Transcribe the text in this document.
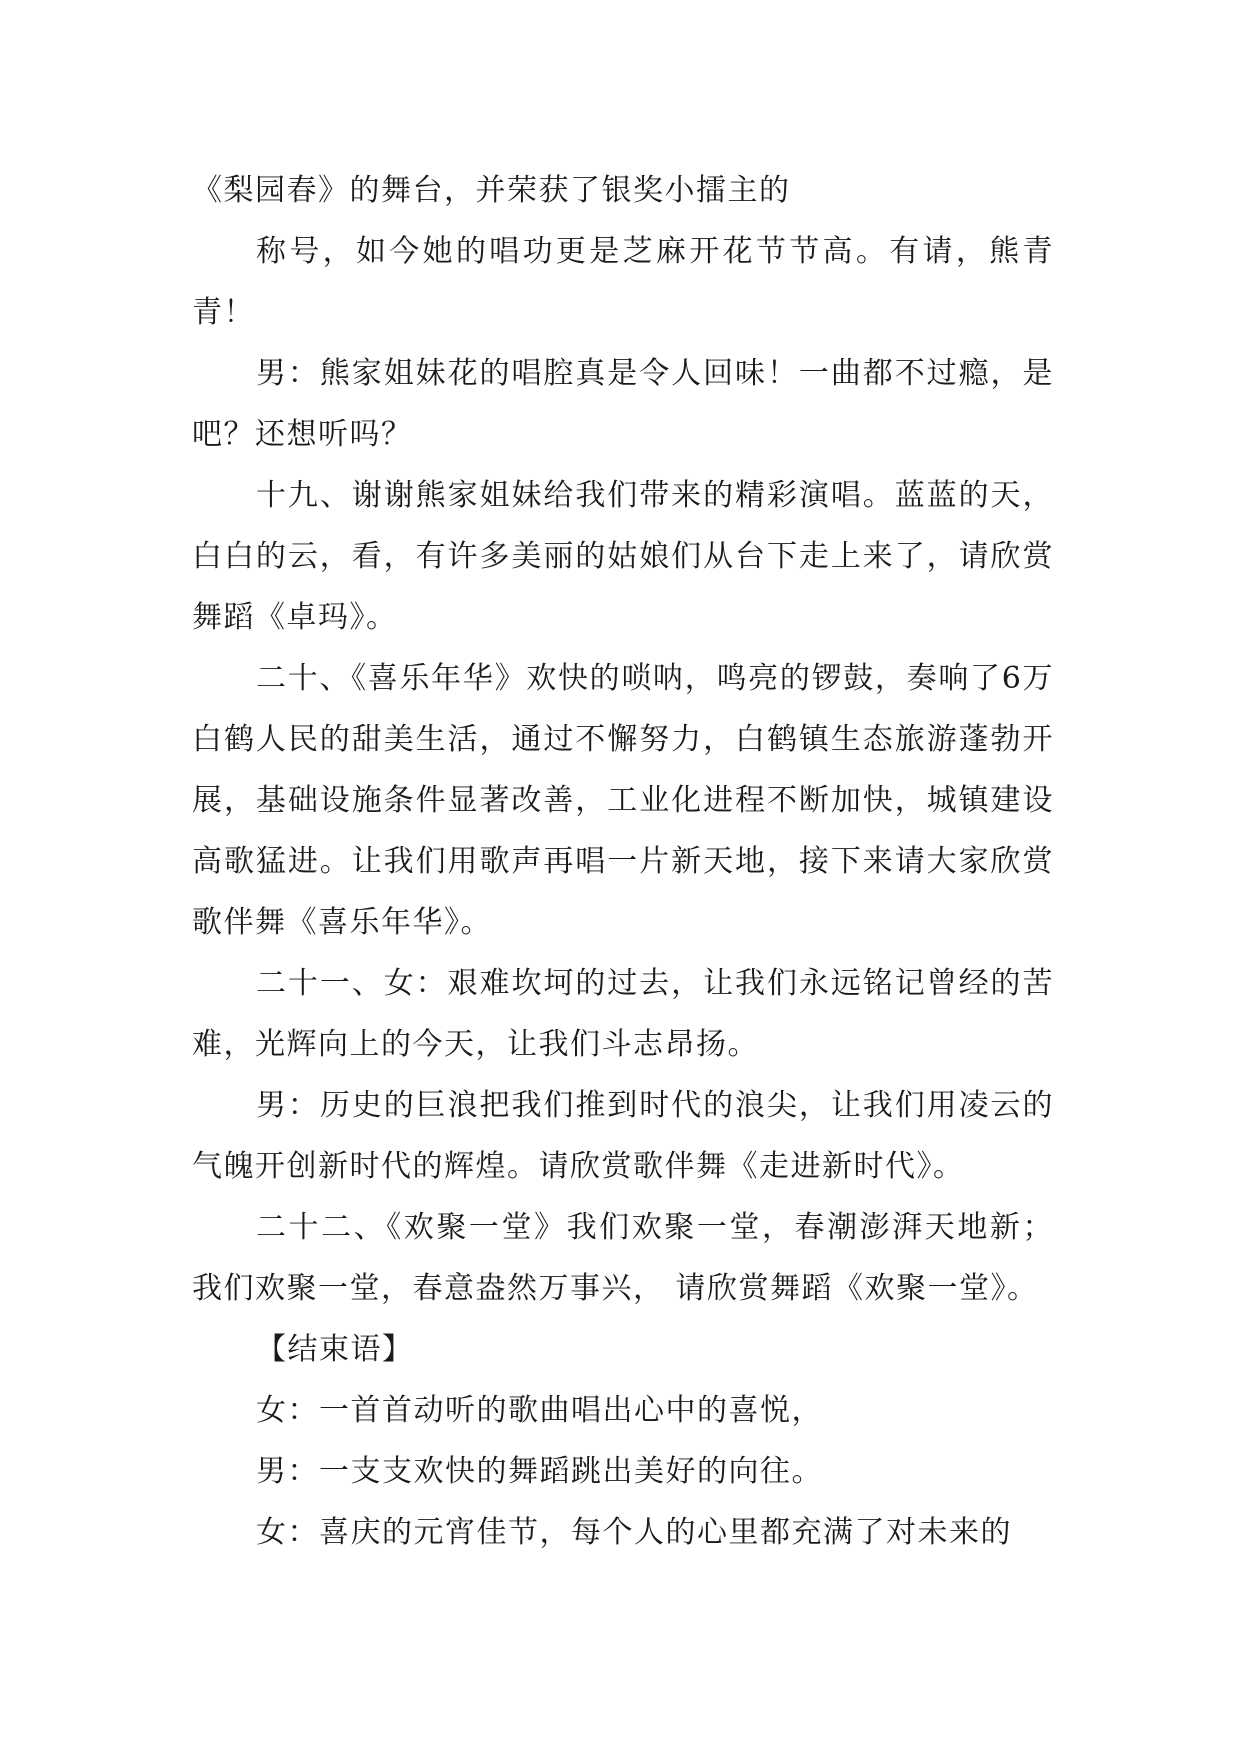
《梨园春》的舞台，并荣获了银奖小擂主的

称号，如今她的唱功更是芝麻开花节节高。有请，熊青青！

男：熊家姐妹花的唱腔真是令人回味！一曲都不过瘾，是吧？还想听吗？

十九、谢谢熊家姐妹给我们带来的精彩演唱。蓝蓝的天，白白的云，看，有许多美丽的姑娘们从台下走上来了，请欣赏舞蹈《卓玛》。

二十、《喜乐年华》欢快的唢呐，鸣亮的锣鼓，奏响了6万白鹤人民的甜美生活，通过不懈努力，白鹤镇生态旅游蓬勃开展，基础设施条件显著改善，工业化进程不断加快，城镇建设高歌猛进。让我们用歌声再唱一片新天地，接下来请大家欣赏歌伴舞《喜乐年华》。

二十一、女：艰难坎坷的过去，让我们永远铭记曾经的苦难，光辉向上的今天，让我们斗志昂扬。

男：历史的巨浪把我们推到时代的浪尖，让我们用凌云的气魄开创新时代的辉煌。请欣赏歌伴舞《走进新时代》。

二十二、《欢聚一堂》我们欢聚一堂，春潮澎湃天地新；我们欢聚一堂，春意盎然万事兴， 请欣赏舞蹈《欢聚一堂》。

【结束语】

女：一首首动听的歌曲唱出心中的喜悦，

男：一支支欢快的舞蹈跳出美好的向往。

女：喜庆的元宵佳节，每个人的心里都充满了对未来的
